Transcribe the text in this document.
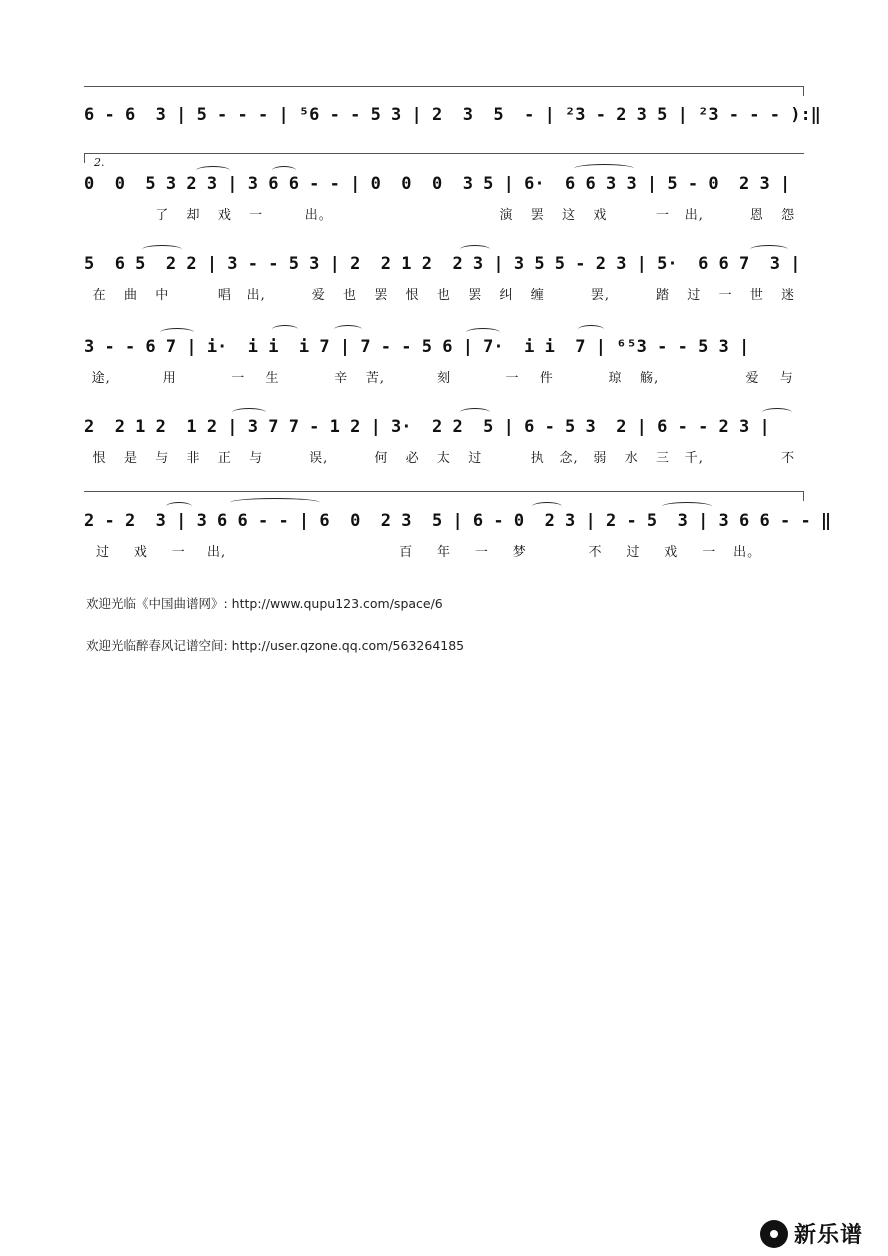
6 - 6  3 | 5 - - - | ⁵6 - - 5 3 | 2  3  5  - | ²3 - 2 3 5 | ²3 - - - ):‖
2.
0  0  5 3 2 3 | 3 6 6 - - | 0  0  0  3 5 | 6·  6 6 3 3 | 5 - 0  2 3 |
了	却	戏	一	出。	演	罢	这	戏	一	出,	恩	怨
5  6 5  2 2 | 3 - - 5 3 | 2  2 1 2  2 3 | 3 5 5 - 2 3 | 5·  6 6 7  3 |
在	曲	中	唱	出,	爱	也	罢	恨	也	罢	纠	缠	罢,	踏	过	一	世	迷
3 - - 6 7 | i·  i i  i 7 | 7 - - 5 6 | 7·  i i  7 | ⁶⁵3 - - 5 3 |
途,	用	一	生	辛	苦,	刻	一	件	琼	觞,	爱	与
2  2 1 2  1 2 | 3 7 7 - 1 2 | 3·  2 2  5 | 6 - 5 3  2 | 6 - - 2 3 |
恨	是	与	非	正	与	误,	何	必	太	过	执	念,	弱	水	三	千,	不
2 - 2  3 | 3 6 6 - - | 6  0  2 3  5 | 6 - 0  2 3 | 2 - 5  3 | 3 6 6 - - ‖
过	戏	一	出,	百	年	一	梦	不	过	戏	一	出。
欢迎光临《中国曲谱网》: http://www.qupu123.com/space/6
欢迎光临醉春风记谱空间: http://user.qzone.qq.com/563264185
新乐谱
